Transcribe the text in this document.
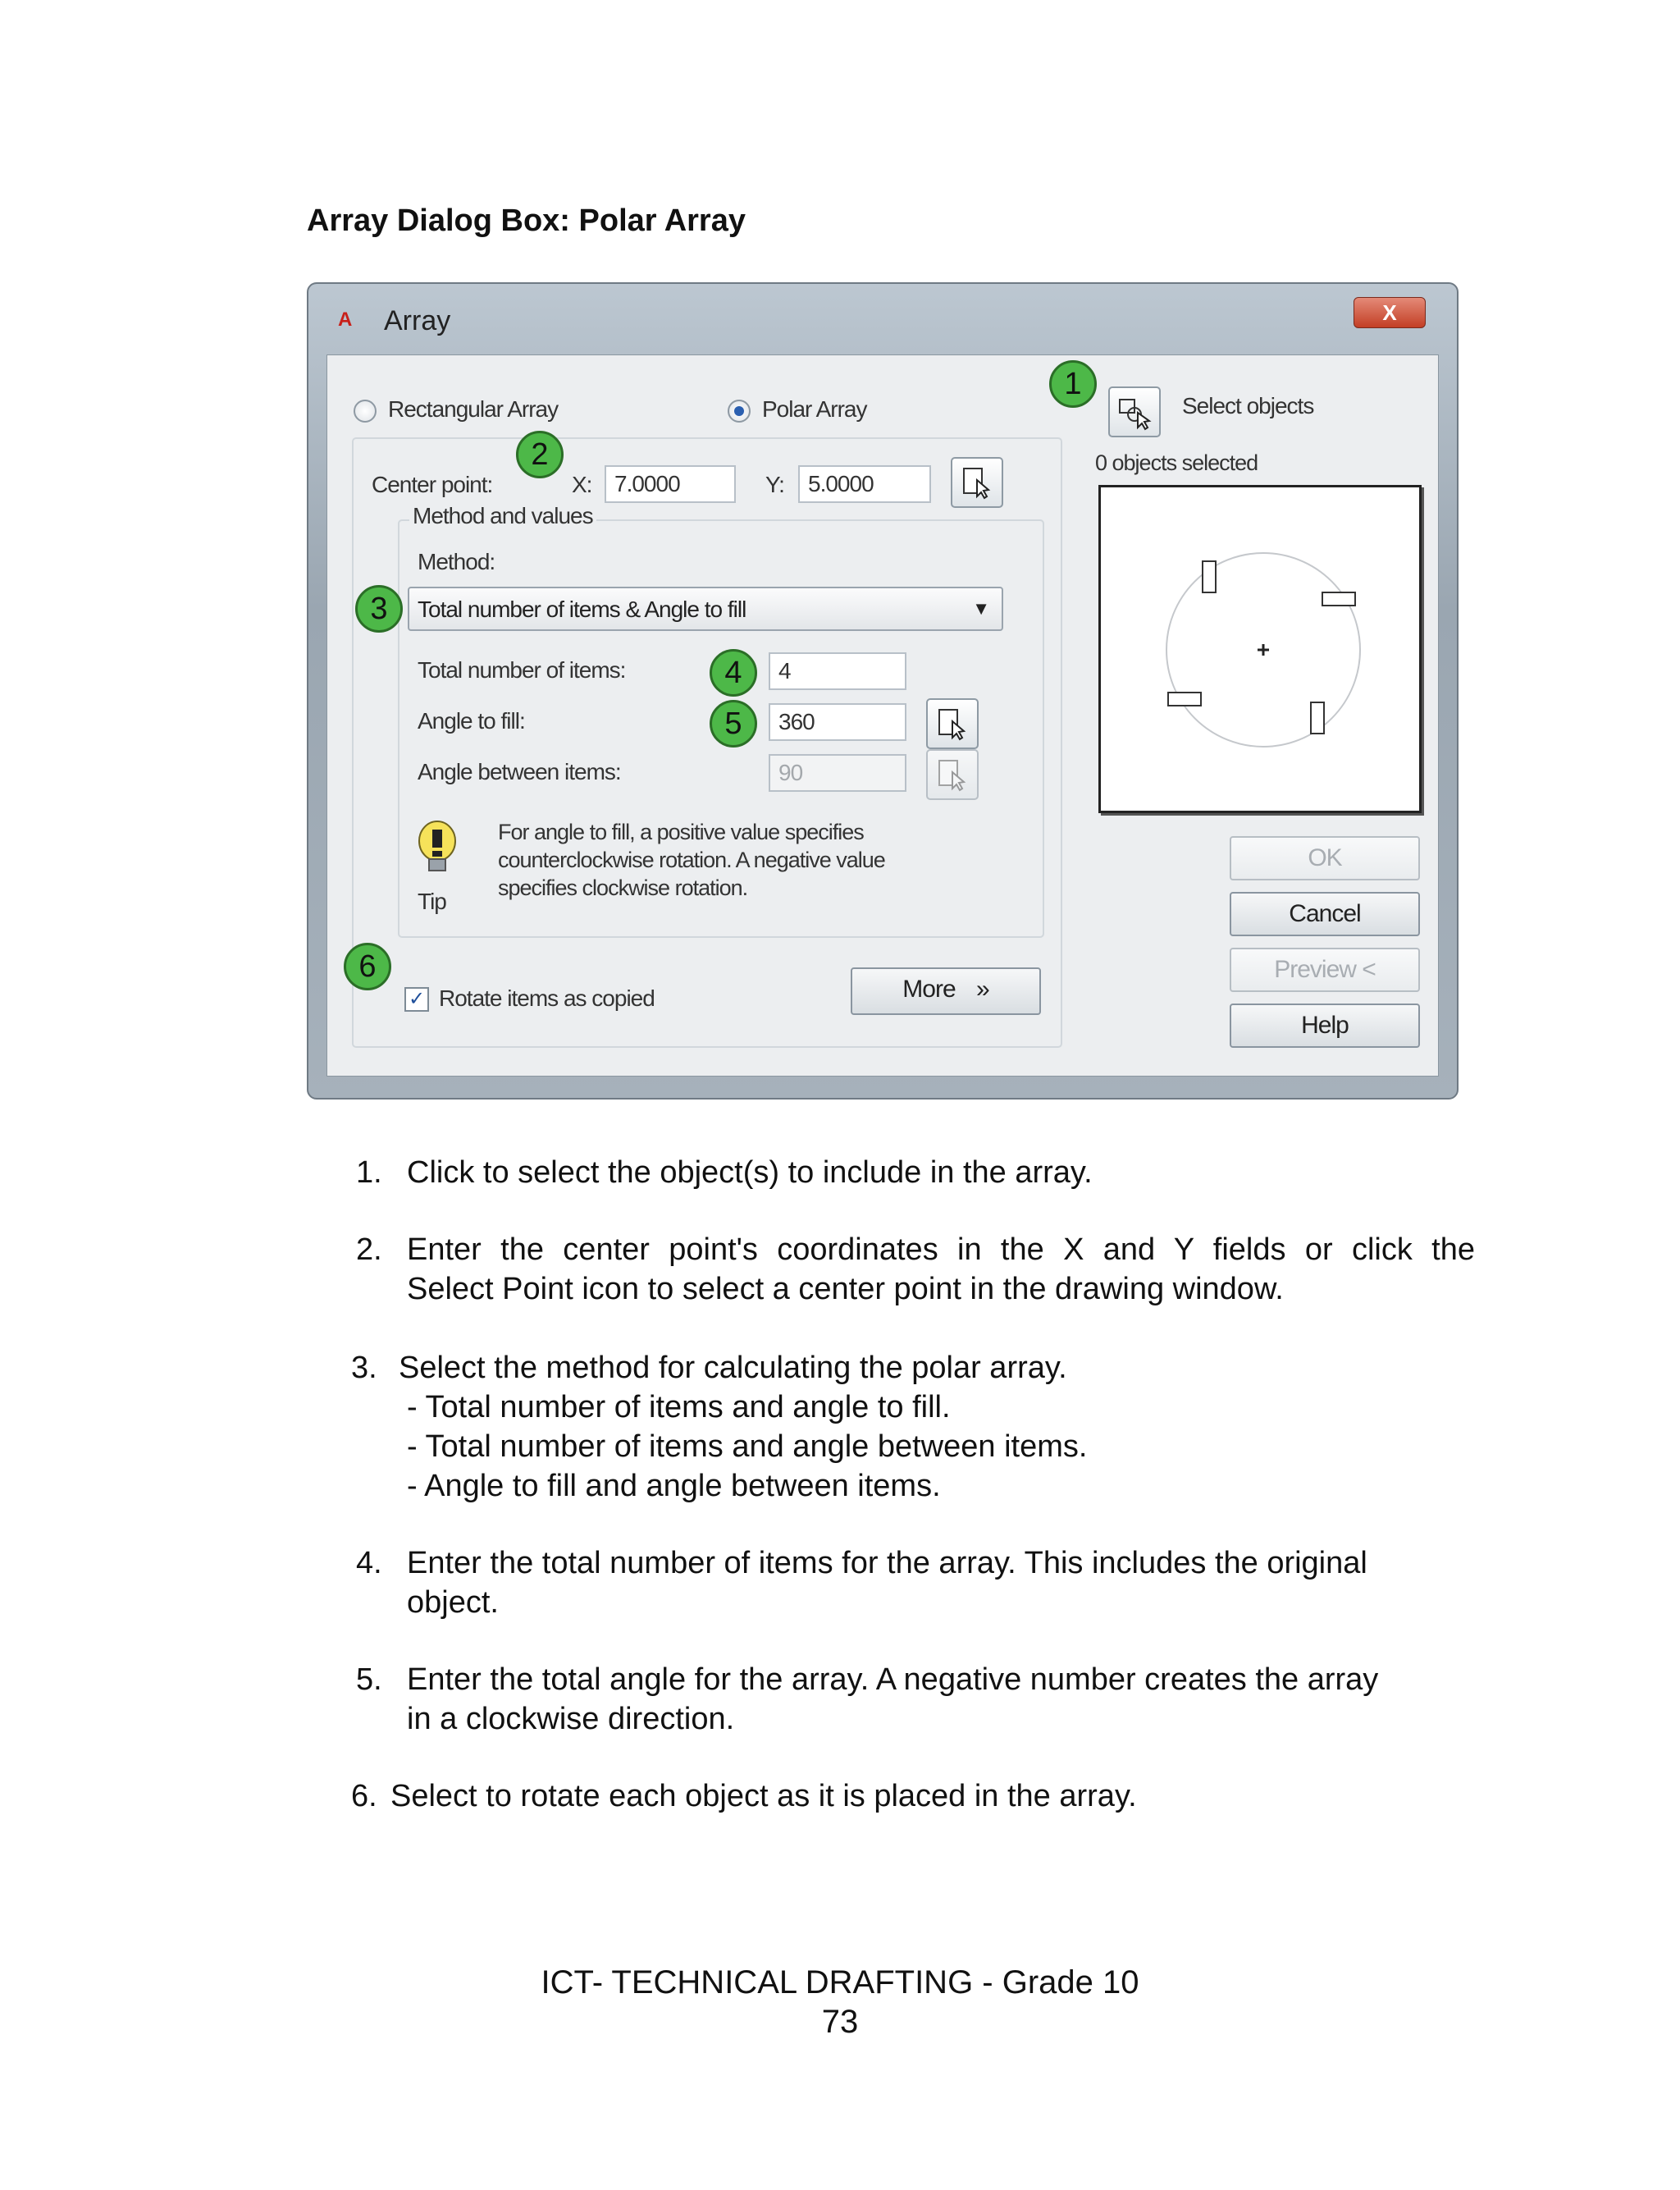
Array Dialog Box: Polar Array
A Array	X
Rectangular Array	Polar Array	Select objects
0 objects selected
Center point:	X: 7.0000	Y:	5.0000
Method and values
Method:
Total number of items & Angle to fill	▼
Total number of items:	4
Angle to fill:	360
Angle between items:	90
Tip
For angle to fill, a positive value specifies
counterclockwise rotation. A negative value
specifies clockwise rotation.
✓ Rotate items as copied	More »
OK
Cancel
Preview <
Help
1
2
3
4
5
6
1. Click to select the object(s) to include in the array.
2. Enter the center point's coordinates in the X and Y fields or click the
Select Point icon to select a center point in the drawing window.
3. Select the method for calculating the polar array.
- Total number of items and angle to fill.
- Total number of items and angle between items.
- Angle to fill and angle between items.
4. Enter the total number of items for the array. This includes the original
object.
5. Enter the total angle for the array. A negative number creates the array
in a clockwise direction.
6. Select to rotate each object as it is placed in the array.
ICT- TECHNICAL DRAFTING - Grade 10
73
